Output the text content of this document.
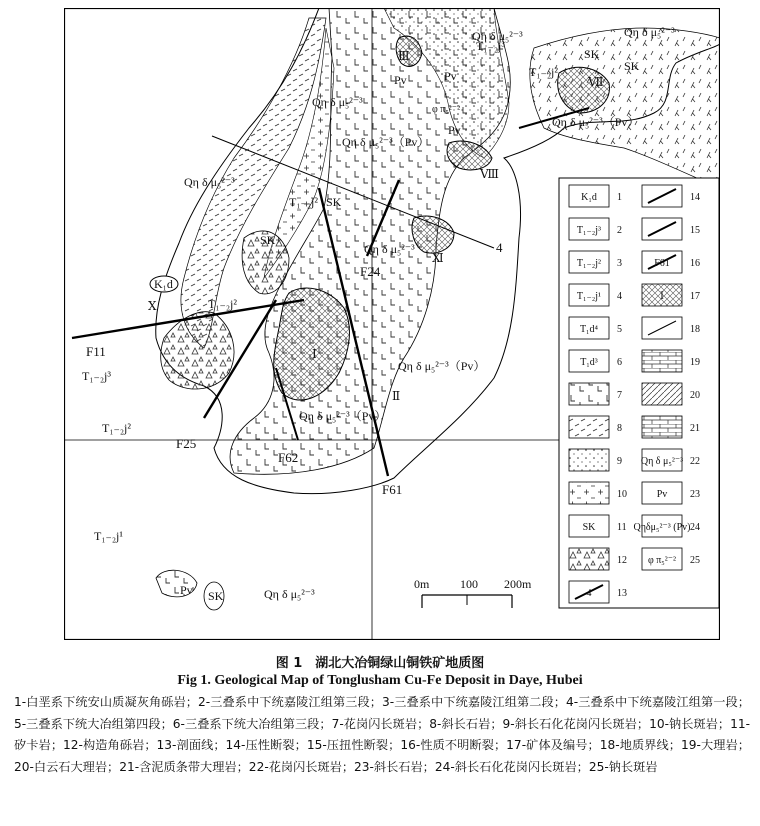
Qη δ μ₅²⁻³
Qη δ μ₅²⁻³	Qη δ μ₅²⁻³
Qη δ μ₅²⁻³
Qη δ μ₅²⁻³
Qη δ μ₅²⁻³
Qη δ μ₅²⁻³（Pv）
Qη δ μ₅²⁻³（Pv）
Qη δ μ₅²⁻³（Pv）
Qη δ μ₅²⁻³（Pv）
φ π₅²⁻²
K₁d
T₁₋₂j³
T₁₋₂j³
T₁₋₂j²
T₁₋₂j²
T₁₋₂j²
T₁₋₂j²
T₁₋₂j¹
Pv	Pv
Pv
Pv
SK
SK
SK
SK
SK
Ⅰ
Ⅱ
Ⅲ
Ⅶ
Ⅷ
Ⅺ
Ⅹ
F11
F25
F62
F61
F24
4
0m	100 200m
K₁d 1
T₁₋₂j³ 2
T₁₋₂j² 3
T₁₋₂j¹ 4
T₁d⁴ 5
T₁d³ 6
7
8
9
10
SK 11
12
4	13
14
15
F61 16
Ⅰ	17
18
19
20
21
Qη δ μ₅²⁻³ 22
Pv 23
Qηδμ₅²⁻³ (Pv) 24
φ π₅²⁻² 25
图 1　湖北大冶铜绿山铜铁矿地质图
Fig 1. Geological Map of Tonglusham Cu-Fe Deposit in Daye, Hubei
1-白垩系下统安山质凝灰角砾岩；2-三叠系中下统嘉陵江组第三段；3-三叠系中下统嘉陵江组第二段；4-三叠系中下统嘉陵江组第一段；5-三叠系下统大冶组第四段；6-三叠系下统大冶组第三段；7-花岗闪长斑岩；8-斜长石岩；9-斜长石化花岗闪长斑岩；10-钠长斑岩；11-矽卡岩；12-构造角砾岩；13-剖面线；14-压性断裂；15-压扭性断裂；16-性质不明断裂；17-矿体及编号；18-地质界线；19-大理岩；20-白云石大理岩；21-含泥质条带大理岩；22-花岗闪长斑岩；23-斜长石岩；24-斜长石化花岗闪长斑岩；25-钠长斑岩
